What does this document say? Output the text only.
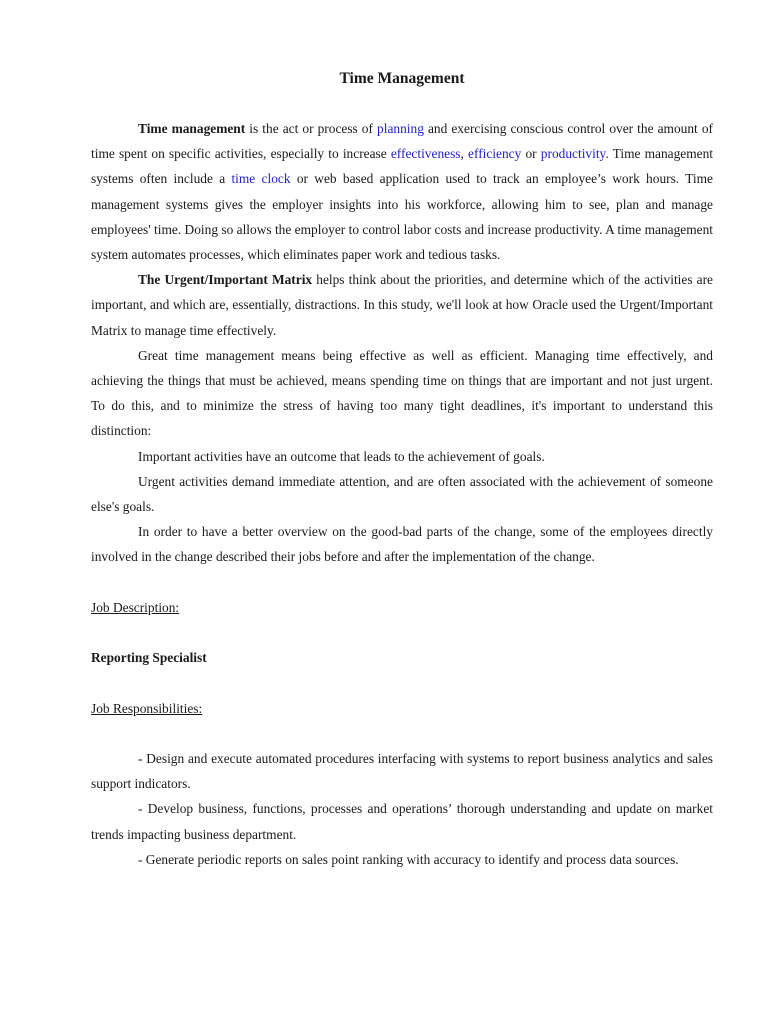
Time Management

Time management is the act or process of planning and exercising conscious control over the amount of time spent on specific activities, especially to increase effectiveness, efficiency or productivity. Time management systems often include a time clock or web based application used to track an employee’s work hours. Time management systems gives the employer insights into his workforce, allowing him to see, plan and manage employees' time. Doing so allows the employer to control labor costs and increase productivity. A time management system automates processes, which eliminates paper work and tedious tasks.

The Urgent/Important Matrix helps think about the priorities, and determine which of the activities are important, and which are, essentially, distractions. In this study, we'll look at how Oracle used the Urgent/Important Matrix to manage time effectively.

Great time management means being effective as well as efficient. Managing time effectively, and achieving the things that must be achieved, means spending time on things that are important and not just urgent. To do this, and to minimize the stress of having too many tight deadlines, it's important to understand this distinction:

Important activities have an outcome that leads to the achievement of goals.

Urgent activities demand immediate attention, and are often associated with the achievement of someone else's goals.

In order to have a better overview on the good-bad parts of the change, some of the employees directly involved in the change described their jobs before and after the implementation of the change.

Job Description:

Reporting Specialist

Job Responsibilities:

- Design and execute automated procedures interfacing with systems to report business analytics and sales support indicators.

- Develop business, functions, processes and operations’ thorough understanding and update on market trends impacting business department.

- Generate periodic reports on sales point ranking with accuracy to identify and process data sources.
